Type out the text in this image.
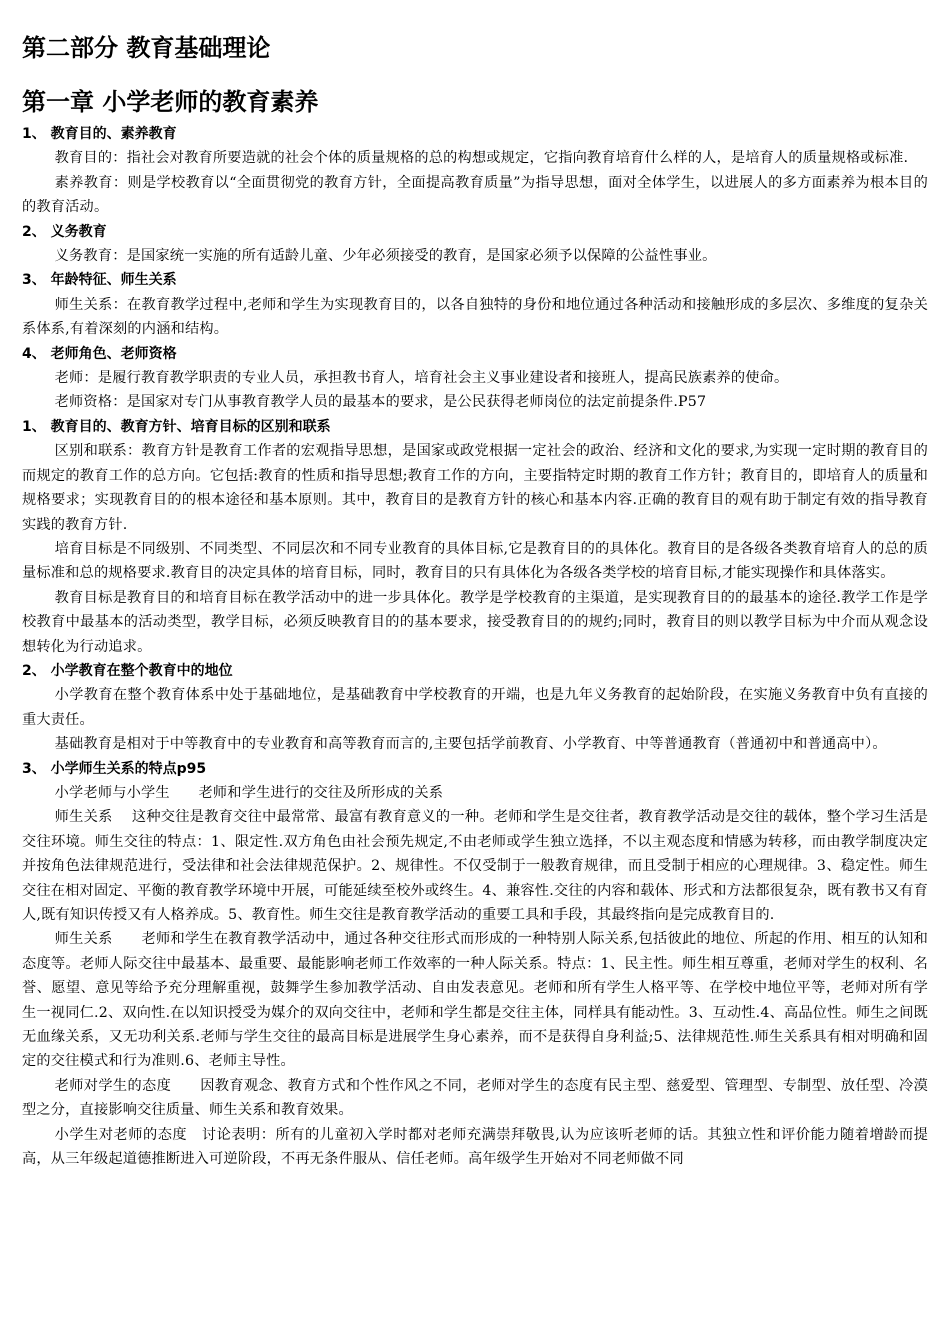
第二部分 教育基础理论
第一章 小学老师的教育素养
1、 教育目的、素养教育
教育目的：指社会对教育所要造就的社会个体的质量规格的总的构想或规定，它指向教育培育什么样的人，是培育人的质量规格或标准.
素养教育：则是学校教育以“全面贯彻党的教育方针，全面提高教育质量”为指导思想，面对全体学生，以进展人的多方面素养为根本目的的教育活动。
2、 义务教育
义务教育：是国家统一实施的所有适龄儿童、少年必须接受的教育，是国家必须予以保障的公益性事业。
3、 年龄特征、师生关系
师生关系：在教育教学过程中,老师和学生为实现教育目的，以各自独特的身份和地位通过各种活动和接触形成的多层次、多维度的复杂关系体系,有着深刻的内涵和结构。
4、 老师角色、老师资格
老师：是履行教育教学职责的专业人员，承担教书育人，培育社会主义事业建设者和接班人，提高民族素养的使命。
老师资格：是国家对专门从事教育教学人员的最基本的要求，是公民获得老师岗位的法定前提条件.P57
1、 教育目的、教育方针、培育目标的区别和联系
区别和联系：教育方针是教育工作者的宏观指导思想，是国家或政党根据一定社会的政治、经济和文化的要求,为实现一定时期的教育目的而规定的教育工作的总方向。它包括:教育的性质和指导思想;教育工作的方向，主要指特定时期的教育工作方针；教育目的，即培育人的质量和规格要求；实现教育目的的根本途径和基本原则。其中，教育目的是教育方针的核心和基本内容.正确的教育目的观有助于制定有效的指导教育实践的教育方针.
培育目标是不同级别、不同类型、不同层次和不同专业教育的具体目标,它是教育目的的具体化。教育目的是各级各类教育培育人的总的质量标准和总的规格要求.教育目的决定具体的培育目标，同时，教育目的只有具体化为各级各类学校的培育目标,才能实现操作和具体落实。
教育目标是教育目的和培育目标在教学活动中的进一步具体化。教学是学校教育的主渠道，是实现教育目的的最基本的途径.教学工作是学校教育中最基本的活动类型，教学目标，必须反映教育目的的基本要求，接受教育目的的规约;同时，教育目的则以教学目标为中介而从观念设想转化为行动追求。
2、 小学教育在整个教育中的地位
小学教育在整个教育体系中处于基础地位，是基础教育中学校教育的开端，也是九年义务教育的起始阶段，在实施义务教育中负有直接的重大责任。
基础教育是相对于中等教育中的专业教育和高等教育而言的,主要包括学前教育、小学教育、中等普通教育（普通初中和普通高中）。
3、 小学师生关系的特点p95
小学老师与小学生　　老师和学生进行的交往及所形成的关系
师生关系　 这种交往是教育交往中最常常、最富有教育意义的一种。老师和学生是交往者，教育教学活动是交往的载体，整个学习生活是交往环境。师生交往的特点：1、限定性.双方角色由社会预先规定,不由老师或学生独立选择，不以主观态度和情感为转移，而由教学制度决定并按角色法律规范进行，受法律和社会法律规范保护。2、规律性。不仅受制于一般教育规律，而且受制于相应的心理规律。3、稳定性。师生交往在相对固定、平衡的教育教学环境中开展，可能延续至校外或终生。4、兼容性.交往的内容和载体、形式和方法都很复杂，既有教书又有育人,既有知识传授又有人格养成。5、教育性。师生交往是教育教学活动的重要工具和手段，其最终指向是完成教育目的.
师生关系　　老师和学生在教育教学活动中，通过各种交往形式而形成的一种特别人际关系,包括彼此的地位、所起的作用、相互的认知和态度等。老师人际交往中最基本、最重要、最能影响老师工作效率的一种人际关系。特点：1、民主性。师生相互尊重，老师对学生的权利、名誉、愿望、意见等给予充分理解重视，鼓舞学生参加教学活动、自由发表意见。老师和所有学生人格平等、在学校中地位平等，老师对所有学生一视同仁.2、双向性.在以知识授受为媒介的双向交往中，老师和学生都是交往主体，同样具有能动性。3、互动性.4、高品位性。师生之间既无血缘关系，又无功利关系.老师与学生交往的最高目标是进展学生身心素养，而不是获得自身利益;5、法律规范性.师生关系具有相对明确和固定的交往模式和行为准则.6、老师主导性。
老师对学生的态度　　因教育观念、教育方式和个性作风之不同，老师对学生的态度有民主型、慈爱型、管理型、专制型、放任型、冷漠型之分，直接影响交往质量、师生关系和教育效果。
小学生对老师的态度　讨论表明：所有的儿童初入学时都对老师充满崇拜敬畏,认为应该听老师的话。其独立性和评价能力随着增龄而提高，从三年级起道德推断进入可逆阶段，不再无条件服从、信任老师。高年级学生开始对不同老师做不同
